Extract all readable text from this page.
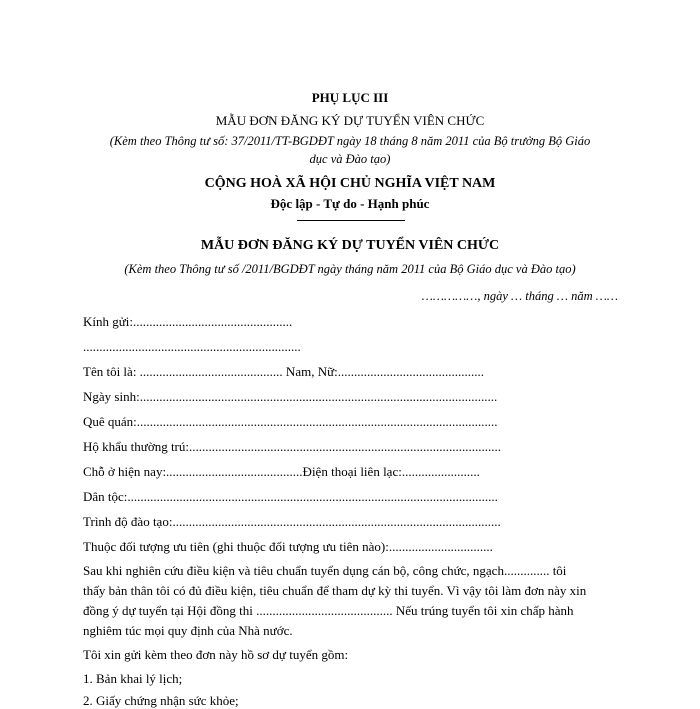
PHỤ LỤC III
MẪU ĐƠN ĐĂNG KÝ DỰ TUYỂN VIÊN CHỨC
(Kèm theo Thông tư số: 37/2011/TT-BGDĐT ngày 18 tháng 8 năm 2011 của Bộ trưởng Bộ Giáo
dục và Đào tạo)
CỘNG HOÀ XÃ HỘI CHỦ NGHĨA VIỆT NAM
Độc lập - Tự do - Hạnh phúc
MẪU ĐƠN ĐĂNG KÝ DỰ TUYỂN VIÊN CHỨC
(Kèm theo Thông tư số /2011/BGDĐT ngày tháng năm 2011 của Bộ Giáo dục và Đào tạo)
……………, ngày … tháng … năm ……
Kính gửi:.................................................
...................................................................
Tên tôi là: ............................................ Nam, Nữ:.............................................
Ngày sinh:..............................................................................................................
Quê quán:...............................................................................................................
Hộ khẩu thường trú:................................................................................................
Chỗ ở hiện nay:..........................................Điện thoại liên lạc:........................
Dân tộc:..................................................................................................................
Trình độ đào tạo:.....................................................................................................
Thuộc đối tượng ưu tiên (ghi thuộc đối tượng ưu tiên nào):................................
Sau khi nghiên cứu điều kiện và tiêu chuẩn tuyển dụng cán bộ, công chức, ngạch.............. tôi
thấy bản thân tôi có đủ điều kiện, tiêu chuẩn để tham dự kỳ thi tuyển. Vì vậy tôi làm đơn này xin
đồng ý dự tuyển tại Hội đồng thi .......................................... Nếu trúng tuyển tôi xin chấp hành
nghiêm túc mọi quy định của Nhà nước.
Tôi xin gửi kèm theo đơn này hồ sơ dự tuyển gồm:
1. Bản khai lý lịch;
2. Giấy chứng nhận sức khỏe;
